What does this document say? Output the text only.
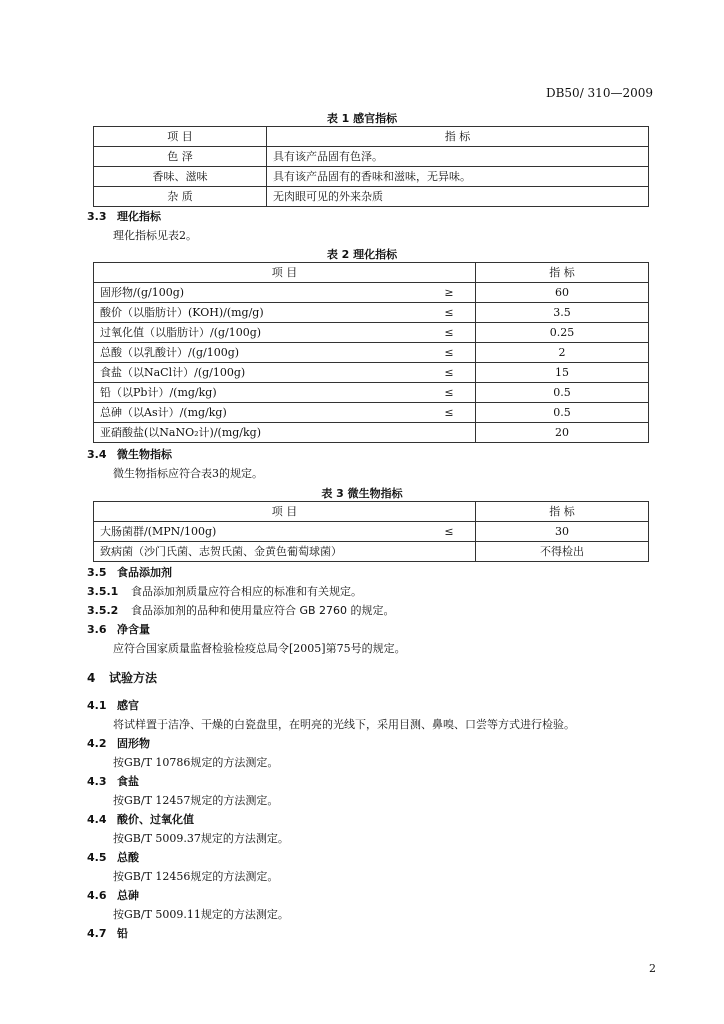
DB50/ 310—2009
表 1 感官指标
项 目	指 标
色 泽	具有该产品固有色泽。
香味、滋味	具有该产品固有的香味和滋味，无异味。
杂 质	无肉眼可见的外来杂质
3.3 理化指标
理化指标见表2。
表 2 理化指标
项 目		指 标
固形物/(g/100g)	≥	60
酸价（以脂肪计）(KOH)/(mg/g)	≤	3.5
过氧化值（以脂肪计）/(g/100g)	≤	0.25
总酸（以乳酸计）/(g/100g)	≤	2
食盐（以NaCl计）/(g/100g)	≤	15
铅（以Pb计）/(mg/kg)	≤	0.5
总砷（以As计）/(mg/kg)	≤	0.5
亚硝酸盐(以NaNO₂计)/(mg/kg)		20
3.4 微生物指标
微生物指标应符合表3的规定。
表 3 微生物指标
项 目		指 标
大肠菌群/(MPN/100g)	≤	30
致病菌（沙门氏菌、志贺氏菌、金黄色葡萄球菌）		不得检出
3.5 食品添加剂
3.5.1 食品添加剂质量应符合相应的标准和有关规定。
3.5.2 食品添加剂的品种和使用量应符合 GB 2760 的规定。
3.6 净含量
应符合国家质量监督检验检疫总局令[2005]第75号的规定。
4 试验方法
4.1 感官
将试样置于洁净、干燥的白瓷盘里，在明亮的光线下，采用目测、鼻嗅、口尝等方式进行检验。
4.2 固形物
按GB/T 10786规定的方法测定。
4.3 食盐
按GB/T 12457规定的方法测定。
4.4 酸价、过氧化值
按GB/T 5009.37规定的方法测定。
4.5 总酸
按GB/T 12456规定的方法测定。
4.6 总砷
按GB/T 5009.11规定的方法测定。
4.7 铅
2
